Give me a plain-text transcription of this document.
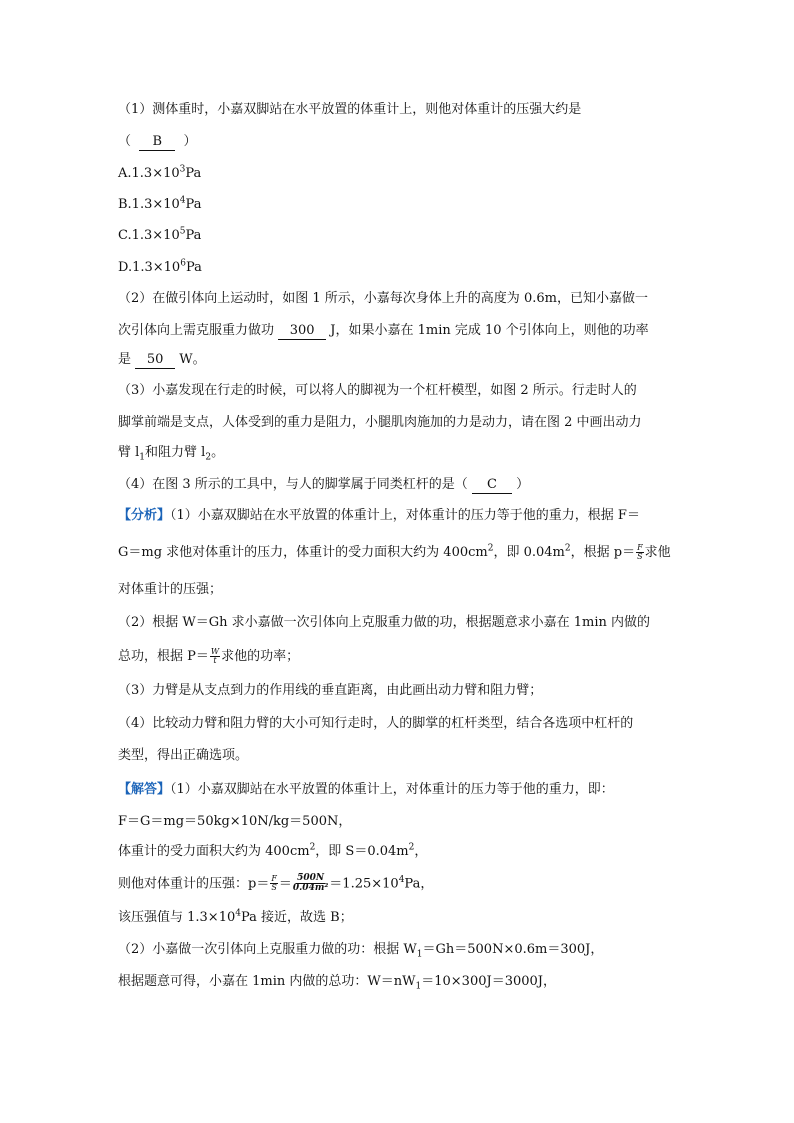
（1）测体重时，小嘉双脚站在水平放置的体重计上，则他对体重计的压强大约是
（ B ）
$A.1.3\times 10^3Pa$
$B.1.3\times 10^4Pa$
$C.1.3\times 10^5Pa$
$D.1.3\times 10^6Pa$
（2）在做引体向上运动时，如图 1 所示，小嘉每次身体上升的高度为 0.6m，已知小嘉做一
次引体向上需克服重力做功 300 J，如果小嘉在 1min 完成 10 个引体向上，则他的功率
是 50 W。
（3）小嘉发现在行走的时候，可以将人的脚视为一个杠杆模型，如图 2 所示。行走时人的
脚掌前端是支点，人体受到的重力是阻力，小腿肌肉施加的力是动力，请在图 2 中画出动力
臂 $l_1$和阻力臂 $l_2$。
（4）在图 3 所示的工具中，与人的脚掌属于同类杠杆的是（ C ）
【分析】（1）小嘉双脚站在水平放置的体重计上，对体重计的压力等于他的重力，根据 F＝
G＝mg 求他对体重计的压力，体重计的受力面积大约为 $400cm^2$，即 $0.04m^2$，根据 $p= \frac{F}{S}$ 求他
对体重计的压强；
（2）根据 W＝Gh 求小嘉做一次引体向上克服重力做的功，根据题意求小嘉在 1min 内做的
总功，根据 $P= \frac{W}{t}$ 求他的功率；
（3）力臂是从支点到力的作用线的垂直距离，由此画出动力臂和阻力臂；
（4）比较动力臂和阻力臂的大小可知行走时，人的脚掌的杠杆类型，结合各选项中杠杆的
类型，得出正确选项。
【解答】（1）小嘉双脚站在水平放置的体重计上，对体重计的压力等于他的重力，即：
F＝G＝mg＝50kg×10N/kg＝500N，
体重计的受力面积大约为 $400cm^2$，即 $S=0.04m^2$，
则他对体重计的压强：$p= \frac{F}{S} = \frac{500N}{\text{0.04m²}} =1.25\times 10^4Pa$，
该压强值与 $1.3\times 10^4Pa$ 接近，故选 B；
（2）小嘉做一次引体向上克服重力做的功：根据 $W_1=Gh=500N\times 0.6m=300J$，
根据题意可得，小嘉在 1min 内做的总功：$W=nW_1=10\times 300J=3000J$，
